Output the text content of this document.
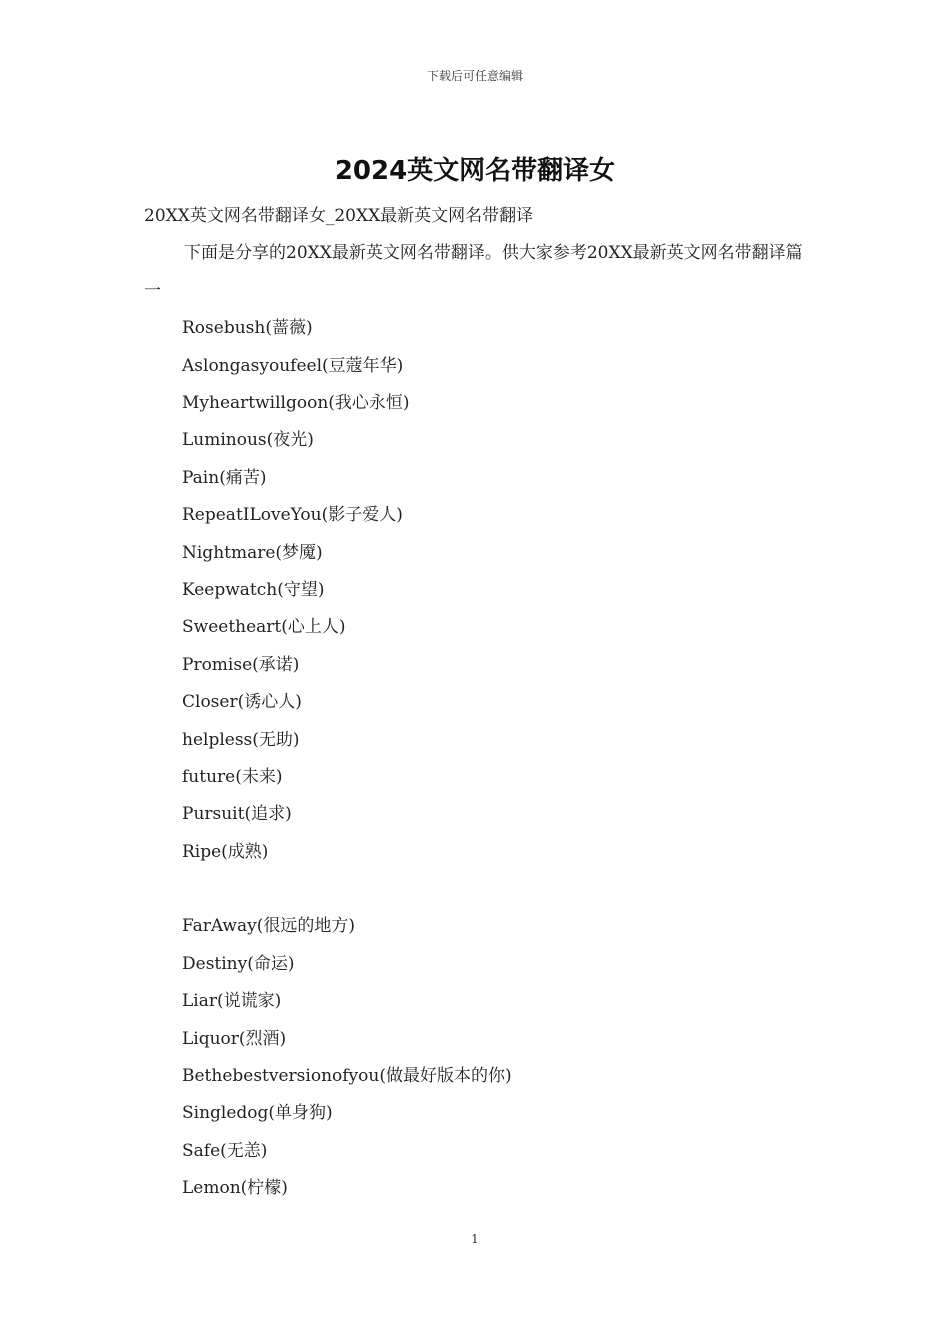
下载后可任意编辑
2024英文网名带翻译女
20XX英文网名带翻译女_20XX最新英文网名带翻译

下面是分享的20XX最新英文网名带翻译。供大家参考20XX最新英文网名带翻译篇一

Rosebush(蔷薇)
Aslongasyoufeel(豆蔻年华)
Myheartwillgoon(我心永恒)
Luminous(夜光)
Pain(痛苦)
RepeatILoveYou(影子爱人)
Nightmare(梦魇)
Keepwatch(守望)
Sweetheart(心上人)
Promise(承诺)
Closer(诱心人)
helpless(无助)
future(未来)
Pursuit(追求)
Ripe(成熟)
FarAway(很远的地方)
Destiny(命运)
Liar(说谎家)
Liquor(烈酒)
Bethebestversionofyou(做最好版本的你)
Singledog(单身狗)
Safe(无恙)
Lemon(柠檬)
1
